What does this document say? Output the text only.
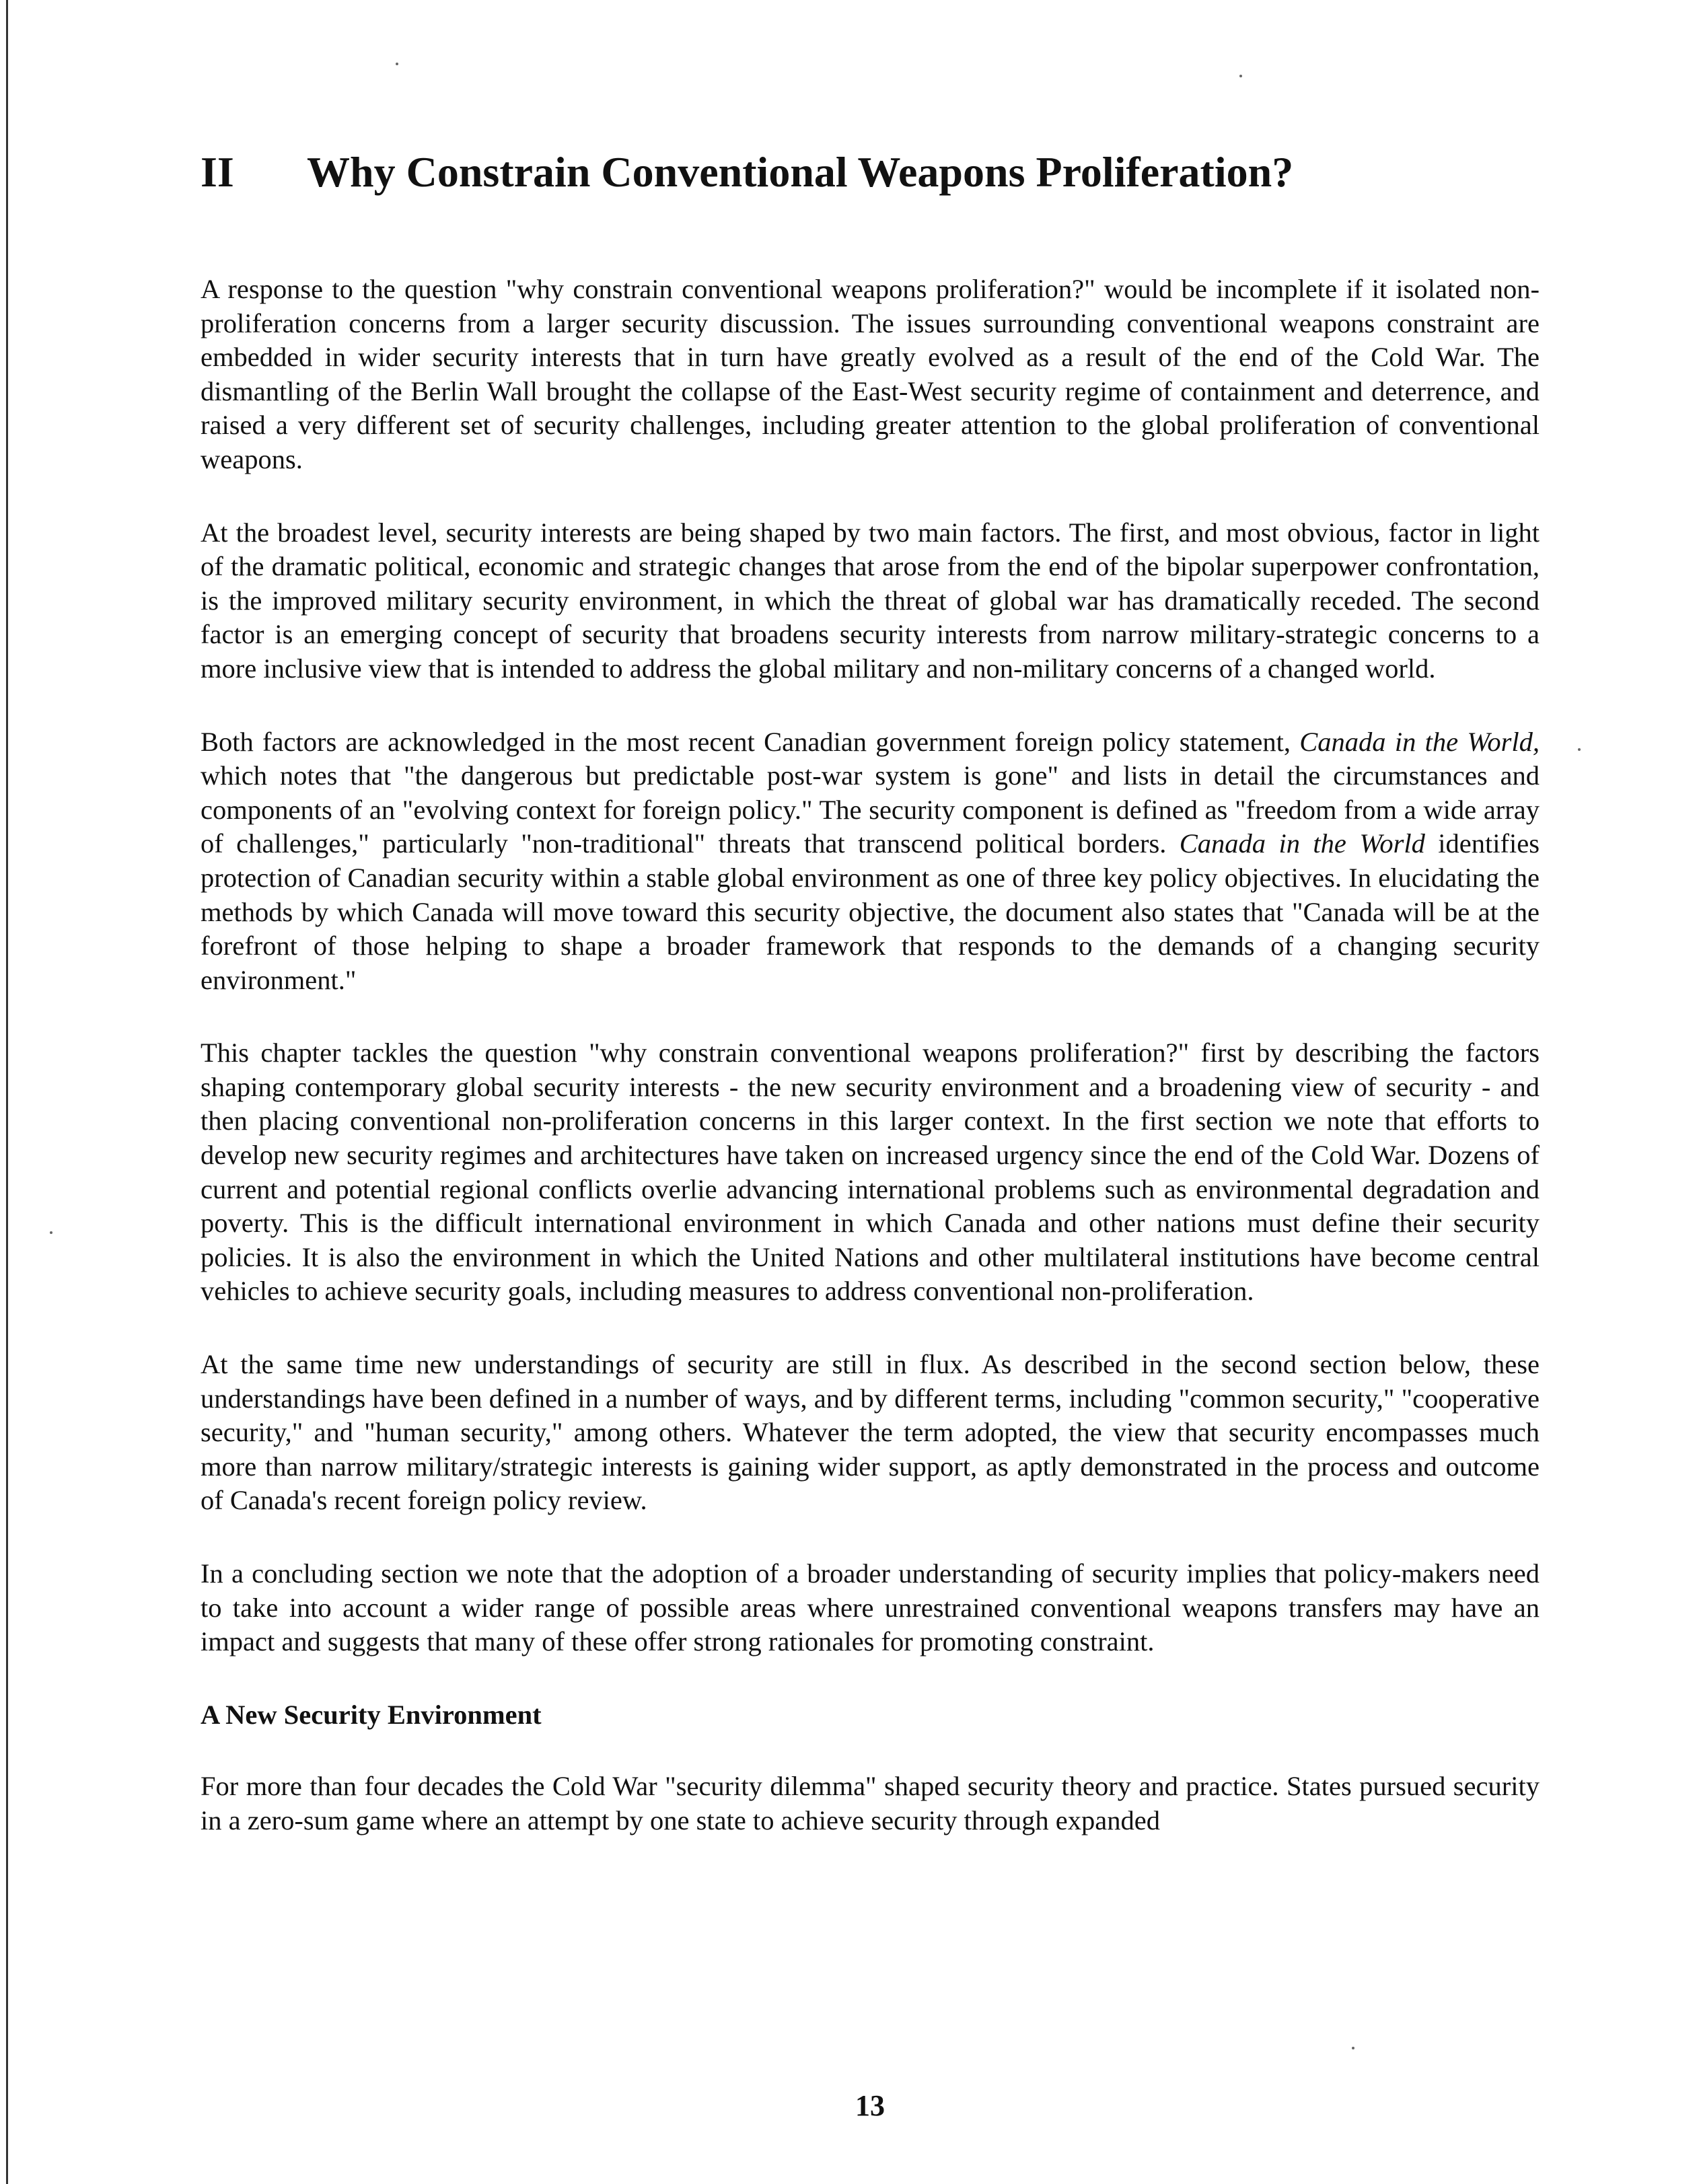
II Why Constrain Conventional Weapons Proliferation?

A response to the question "why constrain conventional weapons proliferation?" would be incomplete if it isolated non-proliferation concerns from a larger security discussion. The issues surrounding conventional weapons constraint are embedded in wider security interests that in turn have greatly evolved as a result of the end of the Cold War. The dismantling of the Berlin Wall brought the collapse of the East-West security regime of containment and deterrence, and raised a very different set of security challenges, including greater attention to the global proliferation of conventional weapons.

At the broadest level, security interests are being shaped by two main factors. The first, and most obvious, factor in light of the dramatic political, economic and strategic changes that arose from the end of the bipolar superpower confrontation, is the improved military security environment, in which the threat of global war has dramatically receded. The second factor is an emerging concept of security that broadens security interests from narrow military-strategic concerns to a more inclusive view that is intended to address the global military and non-military concerns of a changed world.

Both factors are acknowledged in the most recent Canadian government foreign policy statement, Canada in the World, which notes that "the dangerous but predictable post-war system is gone" and lists in detail the circumstances and components of an "evolving context for foreign policy." The security component is defined as "freedom from a wide array of challenges," particularly "non-traditional" threats that transcend political borders. Canada in the World identifies protection of Canadian security within a stable global environment as one of three key policy objectives. In elucidating the methods by which Canada will move toward this security objective, the document also states that "Canada will be at the forefront of those helping to shape a broader framework that responds to the demands of a changing security environment."

This chapter tackles the question "why constrain conventional weapons proliferation?" first by describing the factors shaping contemporary global security interests - the new security environment and a broadening view of security - and then placing conventional non-proliferation concerns in this larger context. In the first section we note that efforts to develop new security regimes and architectures have taken on increased urgency since the end of the Cold War. Dozens of current and potential regional conflicts overlie advancing international problems such as environmental degradation and poverty. This is the difficult international environment in which Canada and other nations must define their security policies. It is also the environment in which the United Nations and other multilateral institutions have become central vehicles to achieve security goals, including measures to address conventional non-proliferation.

At the same time new understandings of security are still in flux. As described in the second section below, these understandings have been defined in a number of ways, and by different terms, including "common security," "cooperative security," and "human security," among others. Whatever the term adopted, the view that security encompasses much more than narrow military/strategic interests is gaining wider support, as aptly demonstrated in the process and outcome of Canada's recent foreign policy review.

In a concluding section we note that the adoption of a broader understanding of security implies that policy-makers need to take into account a wider range of possible areas where unrestrained conventional weapons transfers may have an impact and suggests that many of these offer strong rationales for promoting constraint.

A New Security Environment

For more than four decades the Cold War "security dilemma" shaped security theory and practice. States pursued security in a zero-sum game where an attempt by one state to achieve security through expanded

13
